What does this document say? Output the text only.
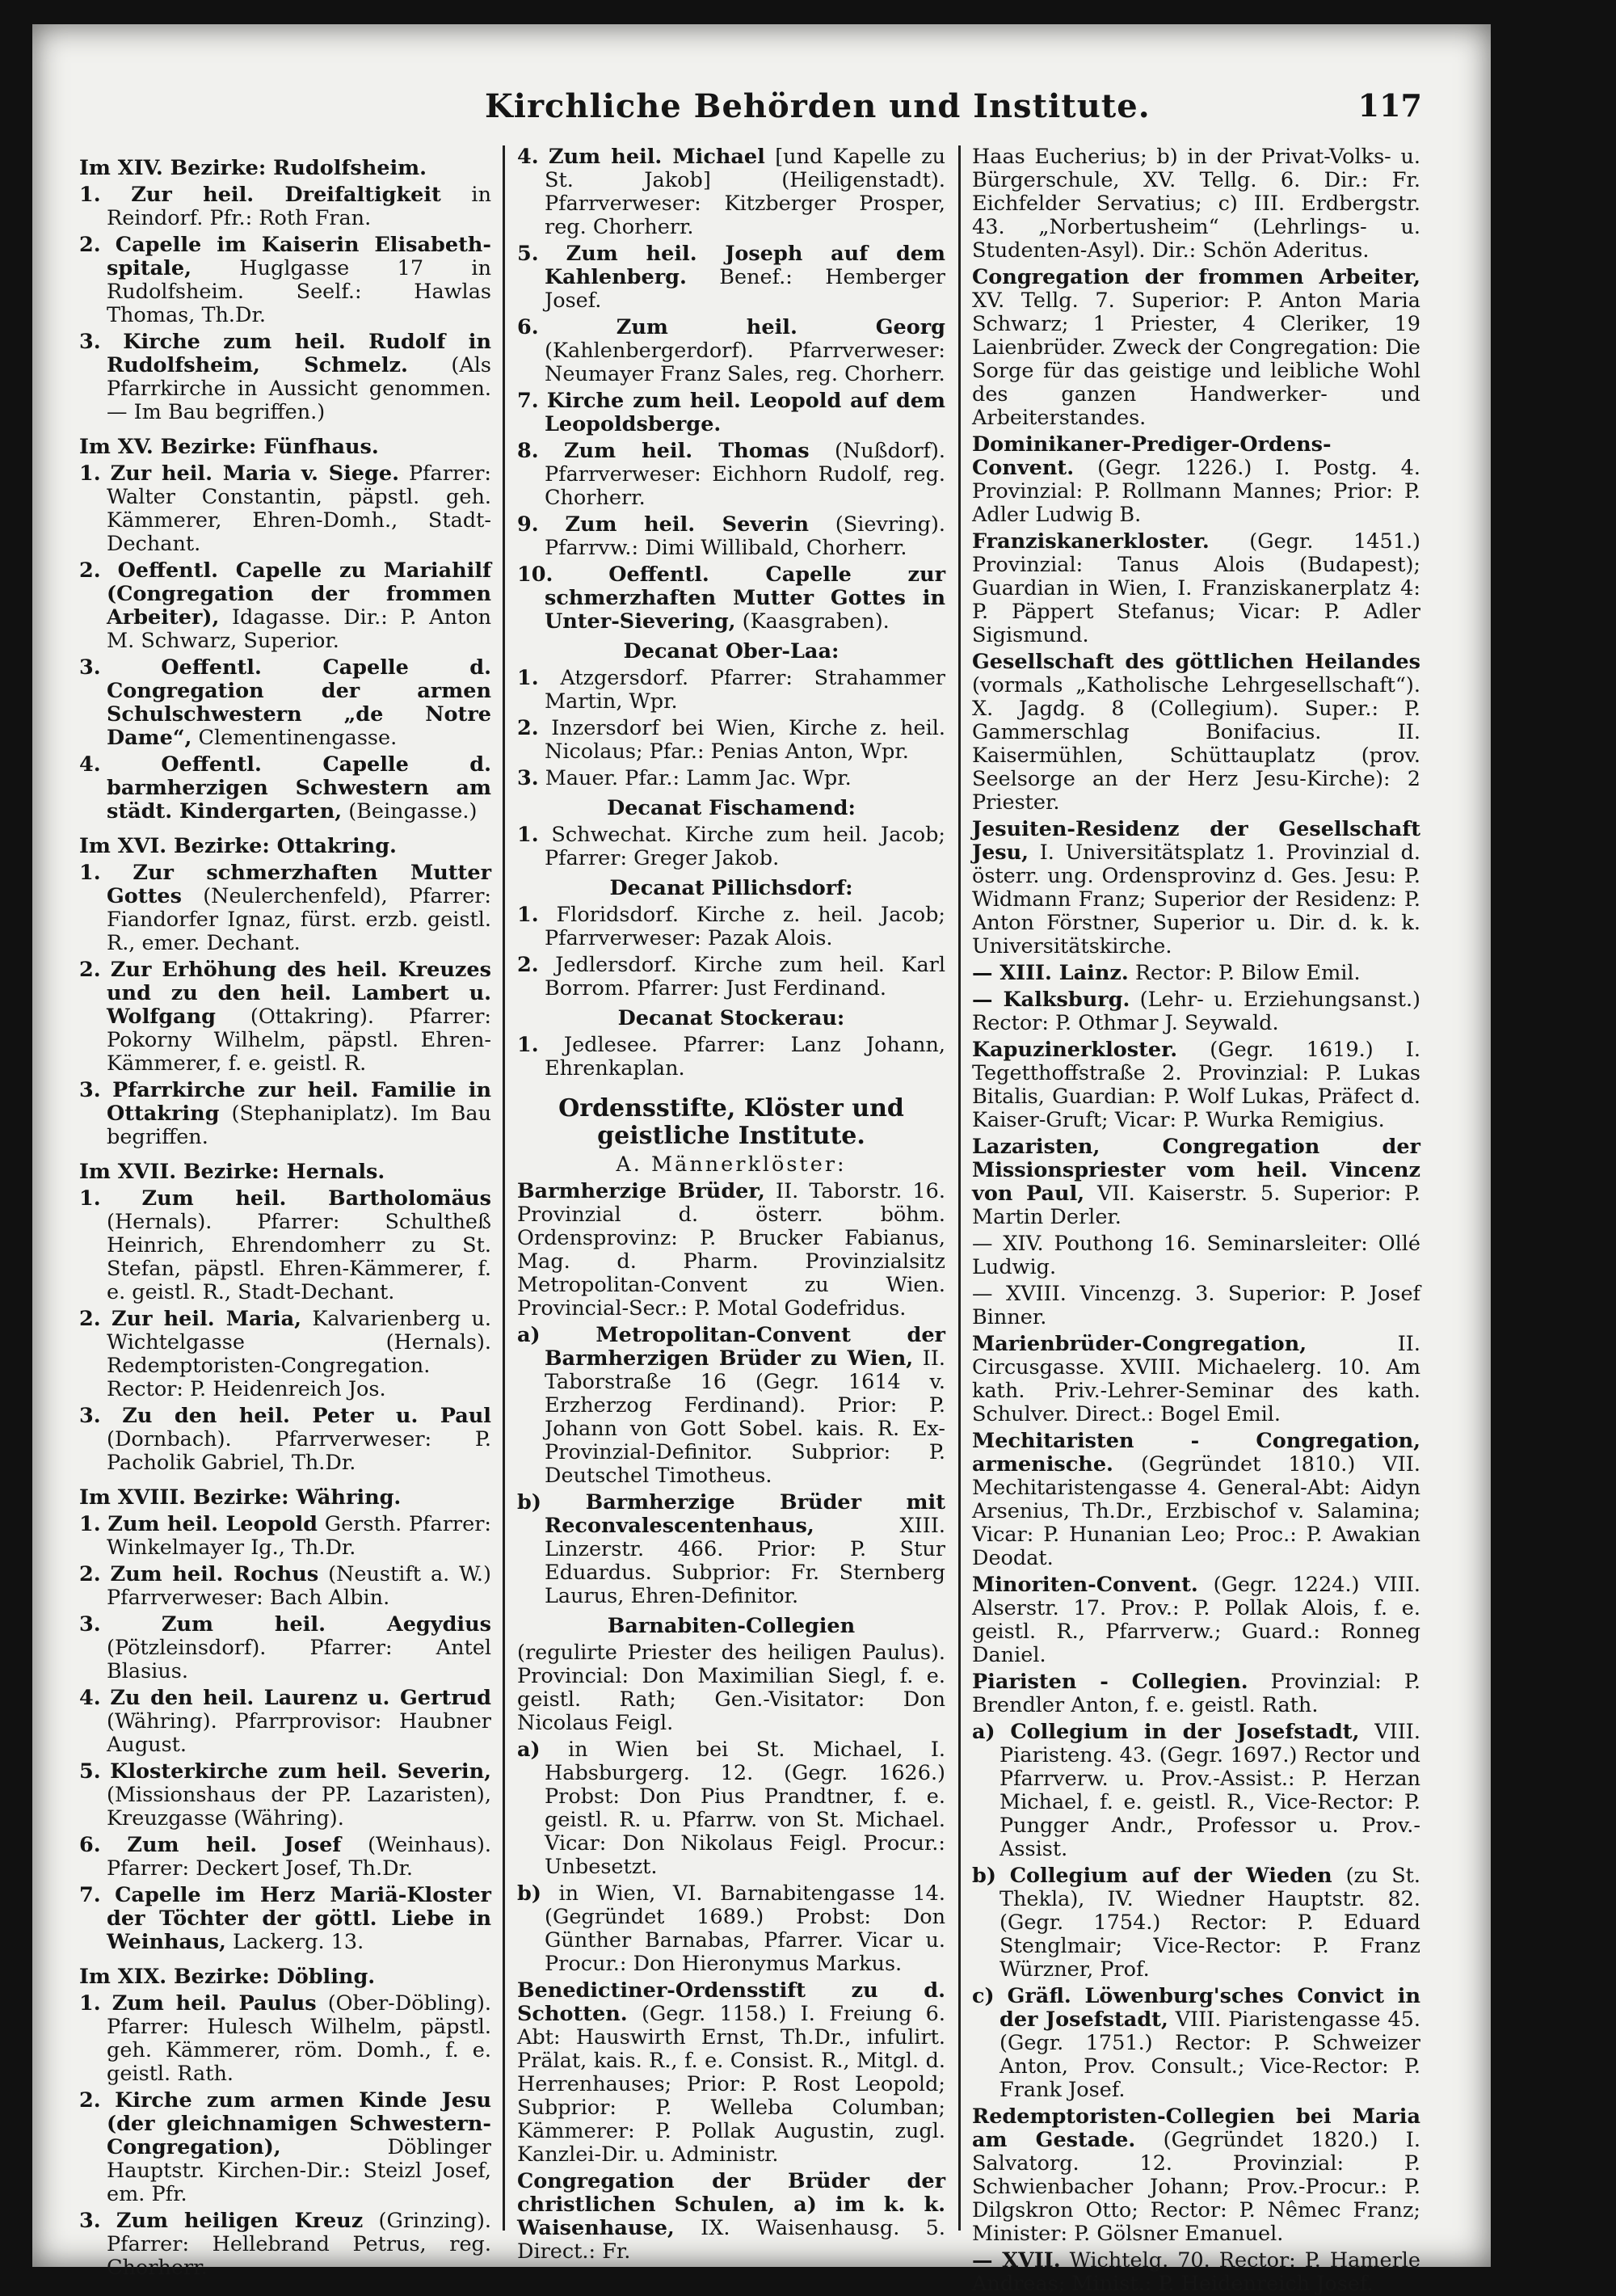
Kirchliche Behörden und Institute.	117

Im XIV. Bezirke: Rudolfsheim.

1. Zur heil. Dreifaltigkeit in Reindorf. Pfr.: Roth Fran.

2. Capelle im Kaiserin Elisabeth-spitale, Huglgasse 17 in Rudolfsheim. Seelf.: Hawlas Thomas, Th.Dr.

3. Kirche zum heil. Rudolf in Rudolfsheim, Schmelz. (Als Pfarrkirche in Aussicht genommen. — Im Bau begriffen.)

Im XV. Bezirke: Fünfhaus.

1. Zur heil. Maria v. Siege. Pfarrer: Walter Constantin, päpstl. geh. Kämmerer, Ehren-Domh., Stadt-Dechant.

2. Oeffentl. Capelle zu Mariahilf (Congregation der frommen Arbeiter), Idagasse. Dir.: P. Anton M. Schwarz, Superior.

3.	Oeffentl. Capelle d. Congregation der armen Schulschwestern „de Notre Dame“, Clementinengasse.

4.	Oeffentl. Capelle d. barmherzigen Schwestern am städt. Kindergarten, (Beingasse.)

Im XVI. Bezirke: Ottakring.

1. Zur schmerzhaften Mutter Gottes (Neulerchenfeld), Pfarrer: Fiandorfer Ignaz, fürst. erzb. geistl. R., emer. Dechant.

2. Zur Erhöhung des heil. Kreuzes und zu den heil. Lambert u. Wolfgang (Ottakring). Pfarrer: Pokorny Wilhelm, päpstl. Ehren-Kämmerer, f. e. geistl. R.

3. Pfarrkirche zur heil. Familie in Ottakring (Stephaniplatz). Im Bau begriffen.

Im XVII. Bezirke: Hernals.

1. Zum heil. Bartholomäus (Hernals). Pfarrer: Schultheß Heinrich, Ehrendomherr zu St. Stefan, päpstl. Ehren-Kämmerer, f. e. geistl. R., Stadt-Dechant.

2. Zur heil. Maria, Kalvarienberg u. Wichtelgasse (Hernals). Redemptoristen-Congregation. Rector: P. Heidenreich Jos.

3. Zu den heil. Peter u. Paul (Dornbach). Pfarrverweser: P. Pacholik Gabriel, Th.Dr.

Im XVIII. Bezirke: Währing.

1. Zum heil. Leopold Gersth. Pfarrer: Winkelmayer Ig., Th.Dr.

2. Zum heil. Rochus (Neustift a. W.) Pfarrverweser: Bach Albin.

3.	Zum heil. Aegydius (Pötzleinsdorf). Pfarrer: Antel Blasius.

4. Zu den heil. Laurenz u. Gertrud (Währing). Pfarrprovisor: Haubner August.

5. Klosterkirche zum heil. Severin, (Missionshaus der PP. Lazaristen), Kreuzgasse (Währing).

6. Zum heil. Josef (Weinhaus). Pfarrer: Deckert Josef, Th.Dr.

7. Capelle im Herz Mariä-Kloster der Töchter der göttl. Liebe in Weinhaus, Lackerg. 13.

Im XIX. Bezirke: Döbling.

1. Zum heil. Paulus (Ober-Döbling). Pfarrer: Hulesch Wilhelm, päpstl. geh. Kämmerer, röm. Domh., f. e. geistl. Rath.

2. Kirche zum armen Kinde Jesu (der gleichnamigen Schwestern-Congregation),	Döblinger Hauptstr. Kirchen-Dir.: Steizl Josef, em. Pfr.

3. Zum heiligen Kreuz (Grinzing). Pfarrer: Hellebrand Petrus, reg. Chorherr.

4. Zum heil. Michael [und Kapelle zu St. Jakob] (Heiligenstadt). Pfarrverweser: Kitzberger Prosper, reg. Chorherr.

5. Zum heil. Joseph auf dem Kahlenberg. Benef.: Hemberger Josef.

6.	Zum heil. Georg (Kahlenbergerdorf). Pfarrverweser: Neumayer Franz Sales, reg. Chorherr.

7. Kirche zum heil. Leopold auf dem Leopoldsberge.

8. Zum heil. Thomas (Nußdorf). Pfarrverweser: Eichhorn Rudolf, reg. Chorherr.

9. Zum heil. Severin (Sievring). Pfarrvw.: Dimi Willibald, Chorherr.

10.	Oeffentl. Capelle zur schmerzhaften Mutter Gottes in Unter-Sievering, (Kaasgraben).

Decanat Ober-Laa:

1. Atzgersdorf. Pfarrer: Strahammer Martin, Wpr.

2. Inzersdorf bei Wien, Kirche z. heil. Nicolaus; Pfar.: Penias Anton, Wpr.

3. Mauer. Pfar.: Lamm Jac. Wpr.

Decanat Fischamend:

1. Schwechat. Kirche zum heil. Jacob; Pfarrer: Greger Jakob.

Decanat Pillichsdorf:

1. Floridsdorf. Kirche z. heil. Jacob; Pfarrverweser: Pazak Alois.

2. Jedlersdorf. Kirche zum heil. Karl Borrom. Pfarrer: Just Ferdinand.

Decanat Stockerau:

1. Jedlesee. Pfarrer: Lanz Johann, Ehrenkaplan.

Ordensstifte, Klöster und geistliche Institute.

A. Männerklöster:

Barmherzige Brüder, II. Taborstr. 16. Provinzial d. österr. böhm. Ordensprovinz: P. Brucker Fabianus, Mag. d. Pharm. Provinzialsitz Metropolitan-Convent zu Wien. Provincial-Secr.: P. Motal Godefridus.

a)	Metropolitan-Convent der Barmherzigen Brüder zu Wien, II. Taborstraße 16 (Gegr. 1614 v. Erzherzog Ferdinand). Prior: P. Johann von Gott Sobel. kais. R. Ex-Provinzial-Definitor. Subprior: P. Deutschel Timotheus.

b) Barmherzige Brüder mit Reconvalescentenhaus,	XIII. Linzerstr. 466. Prior: P. Stur Eduardus. Subprior: Fr. Sternberg Laurus, Ehren-Definitor.

Barnabiten-Collegien

(regulirte Priester des heiligen Paulus). Provincial: Don Maximilian Siegl, f. e. geistl. Rath; Gen.-Visitator: Don Nicolaus Feigl.

a) in Wien bei St. Michael, I. Habsburgerg. 12. (Gegr. 1626.) Probst: Don Pius Prandtner, f. e. geistl. R. u. Pfarrw. von St. Michael. Vicar: Don Nikolaus Feigl. Procur.: Unbesetzt.

b) in Wien, VI. Barnabitengasse 14. (Gegründet 1689.) Probst: Don Günther Barnabas, Pfarrer. Vicar u. Procur.: Don Hieronymus Markus.

Benedictiner-Ordensstift zu d. Schotten. (Gegr. 1158.) I. Freiung 6. Abt: Hauswirth Ernst, Th.Dr., infulirt. Prälat, kais. R., f. e. Consist. R., Mitgl. d. Herrenhauses; Prior: P. Rost Leopold; Subprior: P. Welleba Columban; Kämmerer: P. Pollak Augustin, zugl. Kanzlei-Dir. u. Administr.

Congregation der Brüder der christlichen Schulen, a) im k. k. Waisenhause, IX. Waisenhausg. 5. Direct.: Fr.

Haas Eucherius; b) in der Privat-Volks- u. Bürgerschule, XV. Tellg. 6. Dir.: Fr. Eichfelder Servatius; c) III. Erdbergstr. 43. „Norbertusheim“ (Lehrlings- u. Studenten-Asyl). Dir.: Schön Aderitus.

Congregation der frommen Arbeiter, XV. Tellg. 7. Superior: P. Anton Maria Schwarz; 1 Priester, 4 Cleriker, 19 Laienbrüder. Zweck der Congregation: Die Sorge für das geistige und leibliche Wohl des ganzen Handwerker- und Arbeiterstandes.

Dominikaner-Prediger-Ordens-Convent. (Gegr. 1226.) I. Postg. 4. Provinzial: P. Rollmann Mannes; Prior: P. Adler Ludwig B.

Franziskanerkloster. (Gegr. 1451.) Provinzial: Tanus Alois (Budapest); Guardian in Wien, I. Franziskanerplatz 4: P. Päppert Stefanus; Vicar: P. Adler Sigismund.

Gesellschaft des göttlichen Heilandes (vormals „Katholische Lehrgesellschaft“). X. Jagdg. 8 (Collegium). Super.: P. Gammerschlag Bonifacius. II. Kaisermühlen, Schüttauplatz (prov. Seelsorge an der Herz Jesu-Kirche): 2 Priester.

Jesuiten-Residenz der Gesellschaft Jesu, I. Universitätsplatz 1. Provinzial d. österr. ung. Ordensprovinz d. Ges. Jesu: P. Widmann Franz; Superior der Residenz: P. Anton Förstner, Superior u. Dir. d. k. k. Universitätskirche.

— XIII. Lainz. Rector: P. Bilow Emil.

— Kalksburg. (Lehr- u. Erziehungsanst.) Rector: P. Othmar J. Seywald.

Kapuzinerkloster. (Gegr. 1619.) I. Tegetthoffstraße 2. Provinzial: P. Lukas Bitalis, Guardian: P. Wolf Lukas, Präfect d. Kaiser-Gruft; Vicar: P. Wurka Remigius.

Lazaristen, Congregation der Missionspriester vom heil. Vincenz von Paul, VII. Kaiserstr. 5. Superior: P. Martin Derler.

— XIV. Pouthong 16. Seminarsleiter: Ollé Ludwig.

— XVIII. Vincenzg. 3. Superior: P. Josef Binner.

Marienbrüder-Congregation,	II. Circusgasse. XVIII. Michaelerg. 10. Am kath. Priv.-Lehrer-Seminar des kath. Schulver. Direct.: Bogel Emil.

Mechitaristen - Congregation, armenische. (Gegründet 1810.) VII. Mechitaristengasse 4. General-Abt: Aidyn Arsenius, Th.Dr., Erzbischof v. Salamina; Vicar: P. Hunanian Leo; Proc.: P. Awakian Deodat.

Minoriten-Convent. (Gegr. 1224.) VIII. Alserstr. 17. Prov.: P. Pollak Alois, f. e. geistl. R., Pfarrverw.; Guard.: Ronneg Daniel.

Piaristen - Collegien. Provinzial: P. Brendler Anton, f. e. geistl. Rath.

a) Collegium in der Josefstadt, VIII. Piaristeng. 43. (Gegr. 1697.) Rector und Pfarrverw. u. Prov.-Assist.: P. Herzan Michael, f. e. geistl. R., Vice-Rector: P. Pungger Andr., Professor u. Prov.-Assist.

b) Collegium auf der Wieden (zu St. Thekla), IV. Wiedner Hauptstr. 82. (Gegr. 1754.) Rector: P. Eduard Stenglmair; Vice-Rector: P. Franz Würzner, Prof.

c) Gräfl. Löwenburg'sches Convict in der Josefstadt, VIII. Piaristengasse 45. (Gegr. 1751.) Rector: P. Schweizer Anton, Prov. Consult.; Vice-Rector: P. Frank Josef.

Redemptoristen-Collegien bei Maria am Gestade. (Gegründet 1820.) I. Salvatorg. 12. Provinzial: P. Schwienbacher Johann; Prov.-Procur.: P. Dilgskron Otto; Rector: P. Nêmec Franz; Minister: P. Gölsner Emanuel.

— XVII. Wichtelg. 70. Rector: P. Hamerle Andreas; Minist.: P. Heidenreich Josef.
